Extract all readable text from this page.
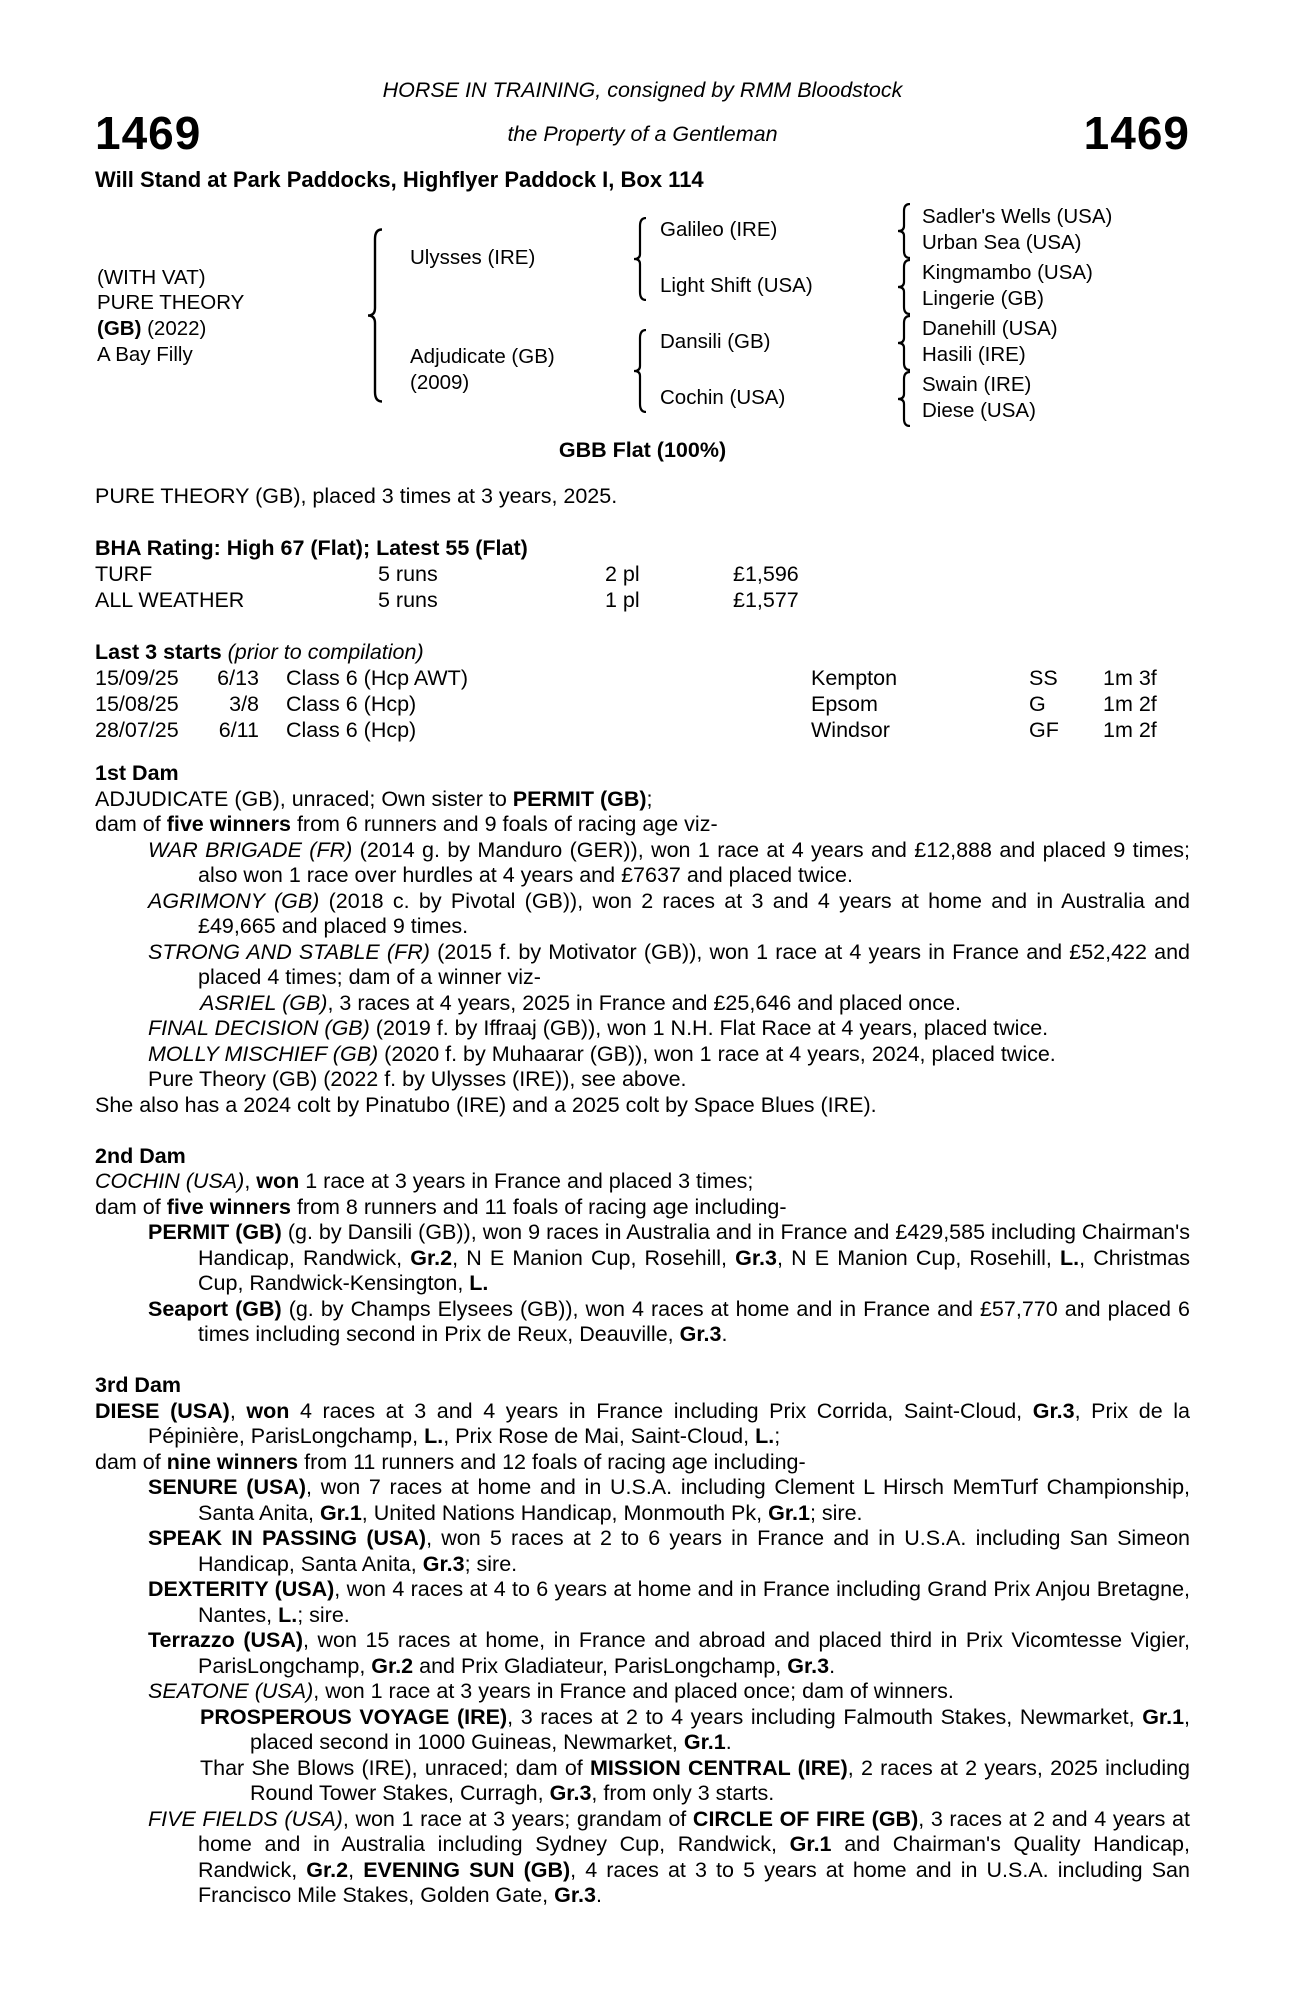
HORSE IN TRAINING, consigned by RMM Bloodstock
1469	the Property of a Gentleman	1469
Will Stand at Park Paddocks, Highflyer Paddock I, Box 114
(WITH VAT)
PURE THEORY
(GB) (2022)
A Bay Filly
Ulysses (IRE)
Adjudicate (GB)
(2009)
Galileo (IRE)
Light Shift (USA)
Dansili (GB)
Cochin (USA)
Sadler's Wells (USA)
Urban Sea (USA)
Kingmambo (USA)
Lingerie (GB)
Danehill (USA)
Hasili (IRE)
Swain (IRE)
Diese (USA)
GBB Flat (100%)
PURE THEORY (GB), placed 3 times at 3 years, 2025.
BHA Rating: High 67 (Flat); Latest 55 (Flat)
TURF	5 runs	2 pl	£1,596
ALL WEATHER	5 runs	1 pl	£1,577
Last 3 starts (prior to compilation)
15/09/25	6/13	Class 6 (Hcp AWT)	Kempton	SS	1m 3f
15/08/25	3/8	Class 6 (Hcp)	Epsom	G	1m 2f
28/07/25	6/11	Class 6 (Hcp)	Windsor	GF	1m 2f
1st Dam

ADJUDICATE (GB), unraced; Own sister to PERMIT (GB);

dam of five winners from 6 runners and 9 foals of racing age viz-

WAR BRIGADE (FR) (2014 g. by Manduro (GER)), won 1 race at 4 years and £12,888 and placed 9 times; also won 1 race over hurdles at 4 years and £7637 and placed twice.

AGRIMONY (GB) (2018 c. by Pivotal (GB)), won 2 races at 3 and 4 years at home and in Australia and £49,665 and placed 9 times.

STRONG AND STABLE (FR) (2015 f. by Motivator (GB)), won 1 race at 4 years in France and £52,422 and placed 4 times; dam of a winner viz-

ASRIEL (GB), 3 races at 4 years, 2025 in France and £25,646 and placed once.

FINAL DECISION (GB) (2019 f. by Iffraaj (GB)), won 1 N.H. Flat Race at 4 years, placed twice.

MOLLY MISCHIEF (GB) (2020 f. by Muhaarar (GB)), won 1 race at 4 years, 2024, placed twice.

Pure Theory (GB) (2022 f. by Ulysses (IRE)), see above.

She also has a 2024 colt by Pinatubo (IRE) and a 2025 colt by Space Blues (IRE).

2nd Dam

COCHIN (USA), won 1 race at 3 years in France and placed 3 times;

dam of five winners from 8 runners and 11 foals of racing age including-

PERMIT (GB) (g. by Dansili (GB)), won 9 races in Australia and in France and £429,585 including Chairman's Handicap, Randwick, Gr.2, N E Manion Cup, Rosehill, Gr.3, N E Manion Cup, Rosehill, L., Christmas Cup, Randwick-Kensington, L.

Seaport (GB) (g. by Champs Elysees (GB)), won 4 races at home and in France and £57,770 and placed 6 times including second in Prix de Reux, Deauville, Gr.3.

3rd Dam

DIESE (USA), won 4 races at 3 and 4 years in France including Prix Corrida, Saint-Cloud, Gr.3, Prix de la Pépinière, ParisLongchamp, L., Prix Rose de Mai, Saint-Cloud, L.;

dam of nine winners from 11 runners and 12 foals of racing age including-

SENURE (USA), won 7 races at home and in U.S.A. including Clement L Hirsch MemTurf Championship, Santa Anita, Gr.1, United Nations Handicap, Monmouth Pk, Gr.1; sire.

SPEAK IN PASSING (USA), won 5 races at 2 to 6 years in France and in U.S.A. including San Simeon Handicap, Santa Anita, Gr.3; sire.

DEXTERITY (USA), won 4 races at 4 to 6 years at home and in France including Grand Prix Anjou Bretagne, Nantes, L.; sire.

Terrazzo (USA), won 15 races at home, in France and abroad and placed third in Prix Vicomtesse Vigier, ParisLongchamp, Gr.2 and Prix Gladiateur, ParisLongchamp, Gr.3.

SEATONE (USA), won 1 race at 3 years in France and placed once; dam of winners.

PROSPEROUS VOYAGE (IRE), 3 races at 2 to 4 years including Falmouth Stakes, Newmarket, Gr.1, placed second in 1000 Guineas, Newmarket, Gr.1.

Thar She Blows (IRE), unraced; dam of MISSION CENTRAL (IRE), 2 races at 2 years, 2025 including Round Tower Stakes, Curragh, Gr.3, from only 3 starts.

FIVE FIELDS (USA), won 1 race at 3 years; grandam of CIRCLE OF FIRE (GB), 3 races at 2 and 4 years at home and in Australia including Sydney Cup, Randwick, Gr.1 and Chairman's Quality Handicap, Randwick, Gr.2, EVENING SUN (GB), 4 races at 3 to 5 years at home and in U.S.A. including San Francisco Mile Stakes, Golden Gate, Gr.3.
